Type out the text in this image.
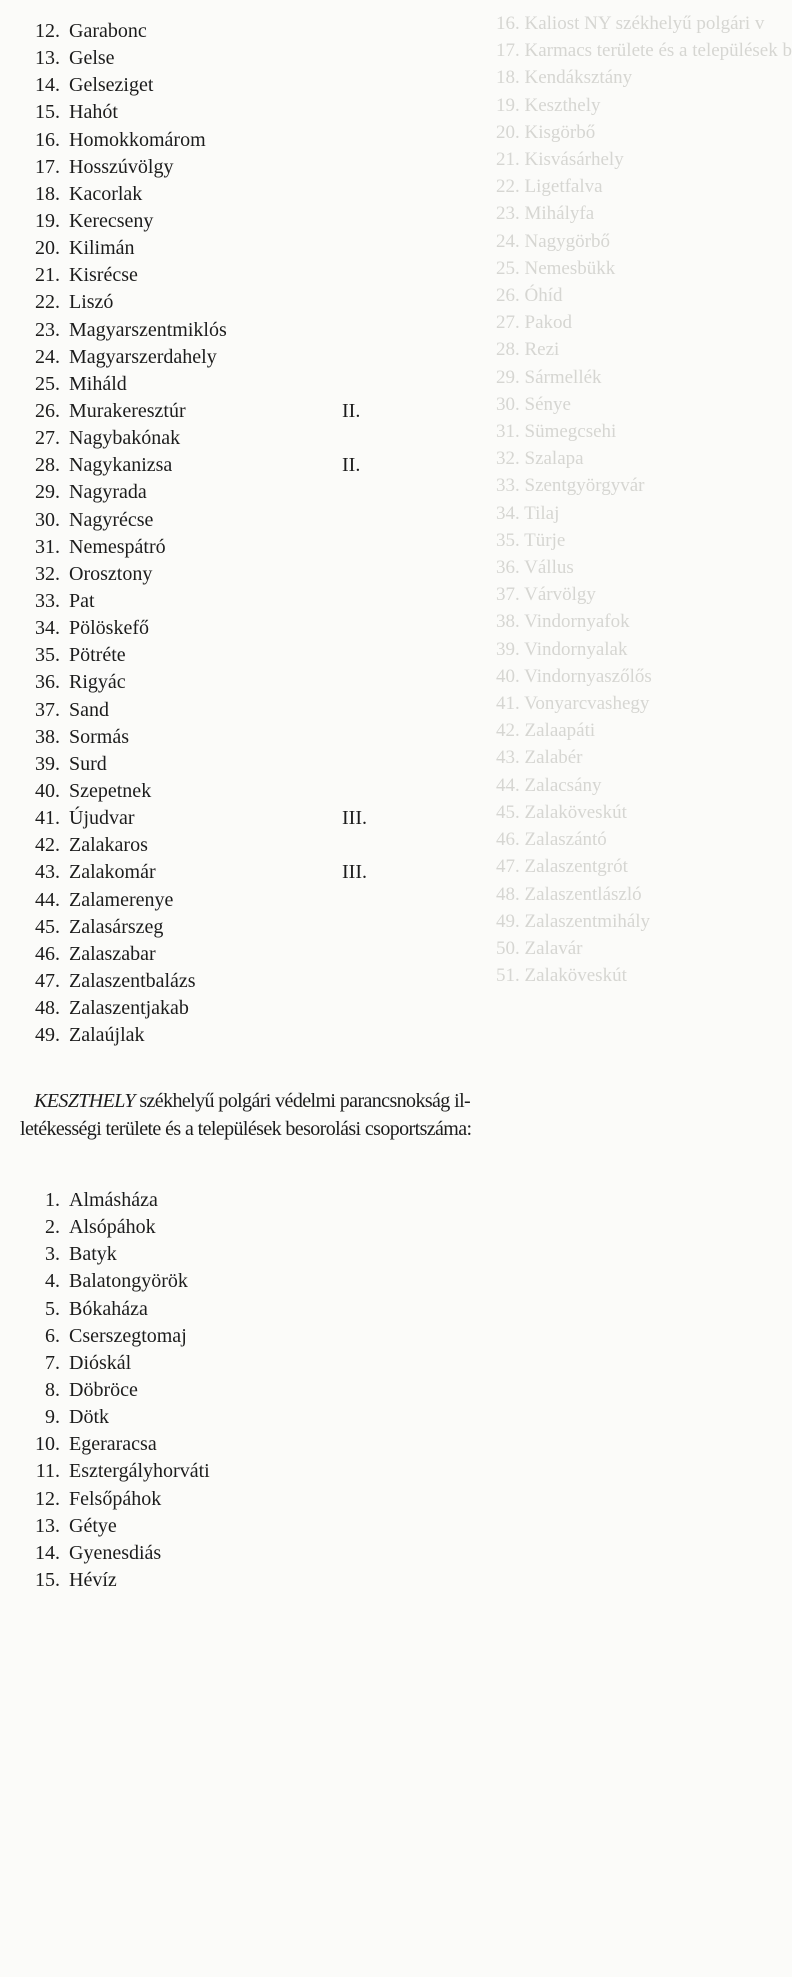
16. Kaliost NY székhelyű polgári v
17. Karmacs területe és a települések b
18. Kendáksztány
19. Keszthely
20. Kisgörbő
21. Kisvásárhely
22. Ligetfalva
23. Mihályfa
24. Nagygörbő
25. Nemesbükk
26. Óhíd
27. Pakod
28. Rezi
29. Sármellék
30. Sénye
31. Sümegcsehi
32. Szalapa
33. Szentgyörgyvár
34. Tilaj
35. Türje
36. Vállus
37. Várvölgy
38. Vindornyafok
39. Vindornyalak
40. Vindornyaszőlős
41. Vonyarcvashegy
42. Zalaapáti
43. Zalabér
44. Zalacsány
45. Zalaköveskút
46. Zalaszántó
47. Zalaszentgrót
48. Zalaszentlászló
49. Zalaszentmihály
50. Zalavár
51. Zalaköveskút
12. Garabonc
13. Gelse
14. Gelseziget
15. Hahót
16. Homokkomárom
17. Hosszúvölgy
18. Kacorlak
19. Kerecseny
20. Kilimán
21. Kisrécse
22. Liszó
23. Magyarszentmiklós
24. Magyarszerdahely
25. Miháld
26. Murakeresztúr	II.
27. Nagybakónak
28. Nagykanizsa	II.
29. Nagyrada
30. Nagyrécse
31. Nemespátró
32. Orosztony
33. Pat
34. Pölöskefő
35. Pötréte
36. Rigyác
37. Sand
38. Sormás
39. Surd
40. Szepetnek
41. Újudvar	III.
42. Zalakaros
43. Zalakomár	III.
44. Zalamerenye
45. Zalasárszeg
46. Zalaszabar
47. Zalaszentbalázs
48. Zalaszentjakab
49. Zalaújlak

KESZTHELY székhelyű polgári védelmi parancsnokság il-

letékességi területe és a települések besorolási csoportszáma:

1. Almásháza
2. Alsópáhok
3. Batyk
4. Balatongyörök
5. Bókaháza
6. Cserszegtomaj
7. Dióskál
8. Döbröce
9. Dötk
10. Egeraracsa
11. Esztergályhorváti
12. Felsőpáhok
13. Gétye
14. Gyenesdiás
15. Hévíz
